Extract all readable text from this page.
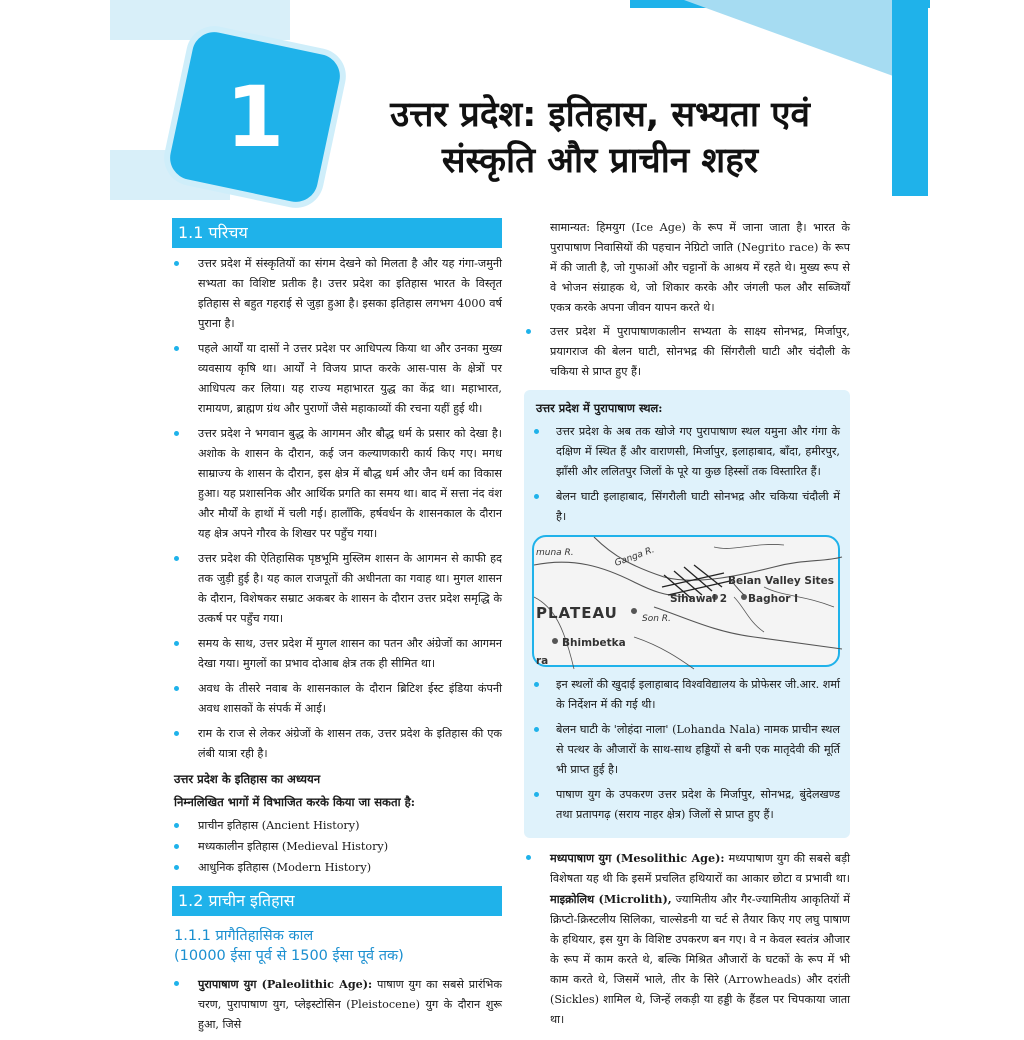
1	उत्तर प्रदेश: इतिहास, सभ्यता एवं
संस्कृति और प्राचीन शहर
1.1 परिचय
उत्तर प्रदेश में संस्कृतियों का संगम देखने को मिलता है और यह गंगा-जमुनी सभ्यता का विशिष्ट प्रतीक है। उत्तर प्रदेश का इतिहास भारत के विस्तृत इतिहास से बहुत गहराई से जुड़ा हुआ है। इसका इतिहास लगभग 4000 वर्ष पुराना है।
पहले आर्यों या दासों ने उत्तर प्रदेश पर आधिपत्य किया था और उनका मुख्य व्यवसाय कृषि था। आर्यों ने विजय प्राप्त करके आस-पास के क्षेत्रों पर आधिपत्य कर लिया। यह राज्य महाभारत युद्ध का केंद्र था। महाभारत, रामायण, ब्राह्मण ग्रंथ और पुराणों जैसे महाकाव्यों की रचना यहीं हुई थी।
उत्तर प्रदेश ने भगवान बुद्ध के आगमन और बौद्ध धर्म के प्रसार को देखा है। अशोक के शासन के दौरान, कई जन कल्याणकारी कार्य किए गए। मगध साम्राज्य के शासन के दौरान, इस क्षेत्र में बौद्ध धर्म और जैन धर्म का विकास हुआ। यह प्रशासनिक और आर्थिक प्रगति का समय था। बाद में सत्ता नंद वंश और मौर्यों के हाथों में चली गई। हालाँकि, हर्षवर्धन के शासनकाल के दौरान यह क्षेत्र अपने गौरव के शिखर पर पहुँच गया।
उत्तर प्रदेश की ऐतिहासिक पृष्ठभूमि मुस्लिम शासन के आगमन से काफी हद तक जुड़ी हुई है। यह काल राजपूतों की अधीनता का गवाह था। मुगल शासन के दौरान, विशेषकर सम्राट अकबर के शासन के दौरान उत्तर प्रदेश समृद्धि के उत्कर्ष पर पहुँच गया।
समय के साथ, उत्तर प्रदेश में मुगल शासन का पतन और अंग्रेजों का आगमन देखा गया। मुगलों का प्रभाव दोआब क्षेत्र तक ही सीमित था।
अवध के तीसरे नवाब के शासनकाल के दौरान ब्रिटिश ईस्ट इंडिया कंपनी अवध शासकों के संपर्क में आई।
राम के राज से लेकर अंग्रेजों के शासन तक, उत्तर प्रदेश के इतिहास की एक लंबी यात्रा रही है।
उत्तर प्रदेश के इतिहास का अध्ययन
निम्नलिखित भागों में विभाजित करके किया जा सकता है:
प्राचीन इतिहास (Ancient History)
मध्यकालीन इतिहास (Medieval History)
आधुनिक इतिहास (Modern History)
1.2 प्राचीन इतिहास
1.1.1 प्रागैतिहासिक काल
(10000 ईसा पूर्व से 1500 ईसा पूर्व तक)
पुरापाषाण युग (Paleolithic Age): पाषाण युग का सबसे प्रारंभिक चरण, पुरापाषाण युग, प्लेइस्टोसिन (Pleistocene) युग के दौरान शुरू हुआ, जिसे
सामान्यत: हिमयुग (Ice Age) के रूप में जाना जाता है। भारत के पुरापाषाण निवासियों की पहचान नेग्रिटो जाति (Negrito race) के रूप में की जाती है, जो गुफाओं और चट्टानों के आश्रय में रहते थे। मुख्य रूप से वे भोजन संग्राहक थे, जो शिकार करके और जंगली फल और सब्जियाँ एकत्र करके अपना जीवन यापन करते थे।
उत्तर प्रदेश में पुरापाषाणकालीन सभ्यता के साक्ष्य सोनभद्र, मिर्जापुर, प्रयागराज की बेलन घाटी, सोनभद्र की सिंगरौली घाटी और चंदौली के चकिया से प्राप्त हुए हैं।
उत्तर प्रदेश में पुरापाषाण स्थल:
उत्तर प्रदेश के अब तक खोजे गए पुरापाषाण स्थल यमुना और गंगा के दक्षिण में स्थित हैं और वाराणसी, मिर्जापुर, इलाहाबाद, बाँदा, हमीरपुर, झाँसी और ललितपुर जिलों के पूरे या कुछ हिस्सों तक विस्तारित हैं।
बेलन घाटी इलाहाबाद, सिंगरौली घाटी सोनभद्र और चकिया चंदौली में है।
muna R.	Ganga R.
Belan Valley Sites
Sihawal 2 Baghor I
PLATEAU	Son R.
Bhimbetka
ra
इन स्थलों की खुदाई इलाहाबाद विश्वविद्यालय के प्रोफेसर जी.आर. शर्मा के निर्देशन में की गई थी।
बेलन घाटी के 'लोहंदा नाला' (Lohanda Nala) नामक प्राचीन स्थल से पत्थर के औजारों के साथ-साथ हड्डियों से बनी एक मातृदेवी की मूर्ति भी प्राप्त हुई है।
पाषाण युग के उपकरण उत्तर प्रदेश के मिर्जापुर, सोनभद्र, बुंदेलखण्ड तथा प्रतापगढ़ (सराय नाहर क्षेत्र) जिलों से प्राप्त हुए हैं।
मध्यपाषाण युग (Mesolithic Age): मध्यपाषाण युग की सबसे बड़ी विशेषता यह थी कि इसमें प्रचलित हथियारों का आकार छोटा व प्रभावी था। माइक्रोलिथ (Microlith), ज्यामितीय और गैर-ज्यामितीय आकृतियों में क्रिप्टो-क्रिस्टलीय सिलिका, चाल्सेडनी या चर्ट से तैयार किए गए लघु पाषाण के हथियार, इस युग के विशिष्ट उपकरण बन गए। वे न केवल स्वतंत्र औजार के रूप में काम करते थे, बल्कि मिश्रित औजारों के घटकों के रूप में भी काम करते थे, जिसमें भाले, तीर के सिरे (Arrowheads) और दरांती (Sickles) शामिल थे, जिन्हें लकड़ी या हड्डी के हैंडल पर चिपकाया जाता था।
